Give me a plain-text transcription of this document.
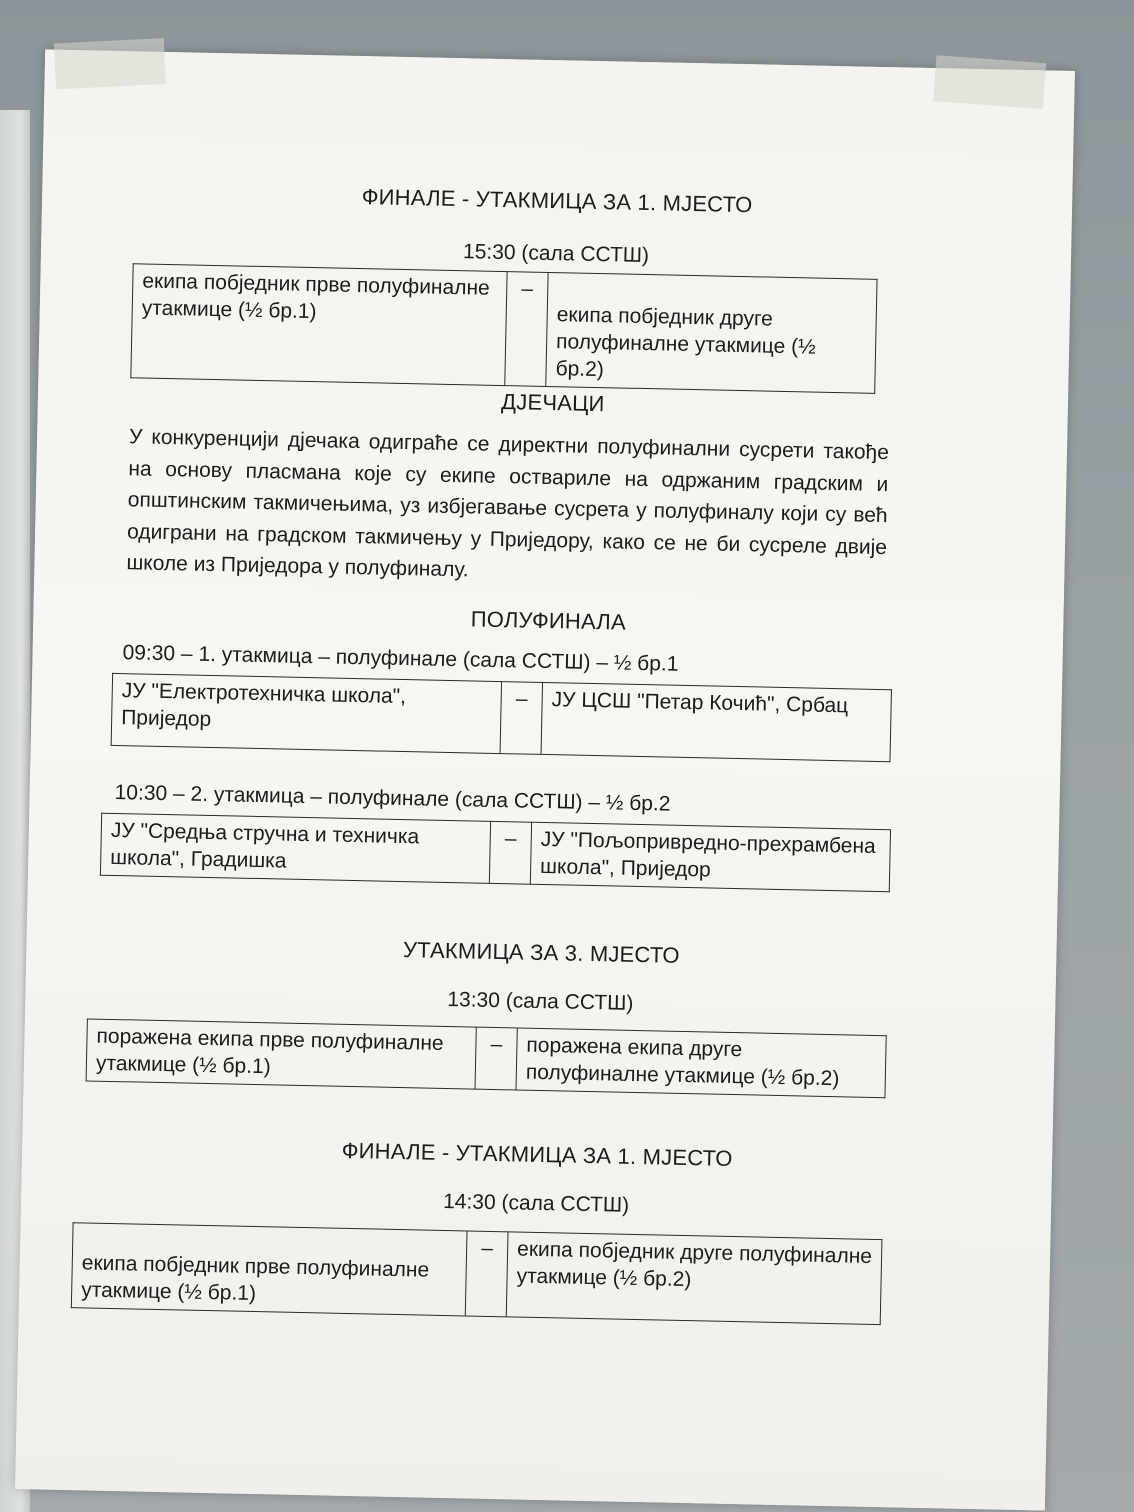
ФИНАЛЕ - УТАКМИЦА ЗА 1. МЈЕСТО
15:30 (сала ССТШ)
екипа побједник прве полуфиналне утакмице (½ бр.1)	–	екипа побједник друге полуфиналне утакмице (½ бр.2)
ДЈЕЧАЦИ
У конкуренцији дјечака одиграће се директни полуфинални сусрети такође на основу пласмана које су екипе оствариле на одржаним градским и општинским такмичењима, уз избјегавање сусрета у полуфиналу који су већ одиграни на градском такмичењу у Приједору, како се не би сусреле двије школе из Приједора у полуфиналу.
ПОЛУФИНАЛА
09:30 – 1. утакмица – полуфинале (сала ССТШ) – ½ бр.1
ЈУ "Електротехничка школа", Приједор	–	ЈУ ЦСШ "Петар Кочић", Србац
10:30 – 2. утакмица – полуфинале (сала ССТШ) – ½ бр.2
ЈУ "Средња стручна и техничка школа", Градишка	–	ЈУ "Пољопривредно-прехрамбена школа", Приједор
УТАКМИЦА ЗА 3. МЈЕСТО
13:30 (сала ССТШ)
поражена екипа прве полуфиналне утакмице (½ бр.1)	–	поражена екипа друге полуфиналне утакмице (½ бр.2)
ФИНАЛЕ - УТАКМИЦА ЗА 1. МЈЕСТО
14:30 (сала ССТШ)
екипа побједник прве полуфиналне утакмице (½ бр.1)	–	екипа побједник друге полуфиналне утакмице (½ бр.2)
